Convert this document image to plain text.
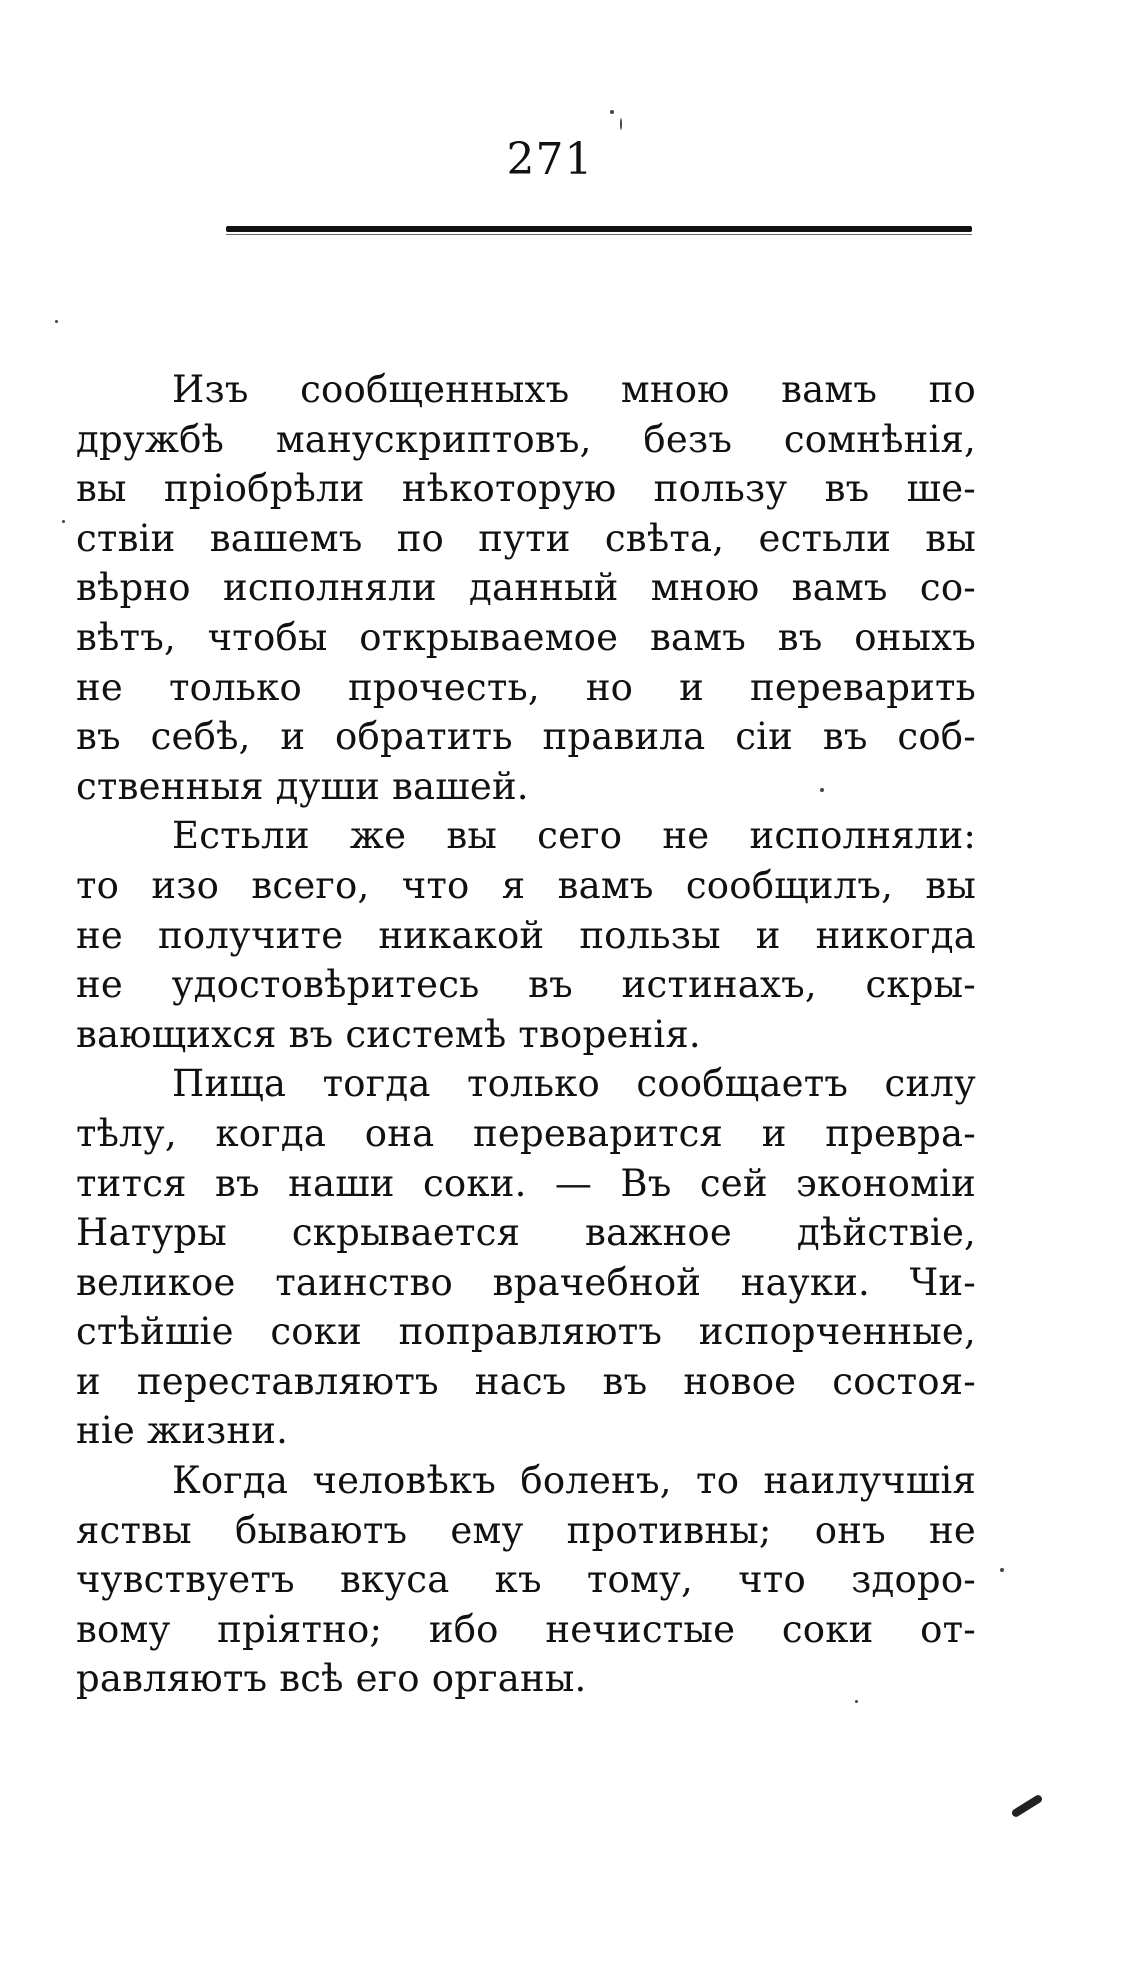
271
Изъ сообщенныхъ мною вамъ по
дружбѣ манускриптовъ, безъ сомнѣнія,
вы пріобрѣли нѣкоторую пользу въ ше-
ствіи вашемъ по пути свѣта, естьли вы
вѣрно исполняли данный мною вамъ со-
вѣтъ, чтобы открываемое вамъ въ оныхъ
не только прочесть, но и переварить
въ себѣ, и обратить правила сіи въ соб-
ственныя души вашей.
Естьли же вы сего не исполняли:
то изо всего, что я вамъ сообщилъ, вы
не получите никакой пользы и никогда
не удостовѣритесь въ истинахъ, скры-
вающихся въ системѣ творенія.
Пища тогда только сообщаетъ силу
тѣлу, когда она переварится и превра-
тится въ наши соки. — Въ сей экономіи
Натуры скрывается важное дѣйствіе,
великое таинство врачебной науки. Чи-
стѣйшіе соки поправляютъ испорченные,
и переставляютъ насъ въ новое состоя-
ніе жизни.
Когда человѣкъ боленъ, то наилучшія
яствы бываютъ ему противны; онъ не
чувствуетъ вкуса къ тому, что здоро-
вому пріятно; ибо нечистые соки от-
равляютъ всѣ его органы.
